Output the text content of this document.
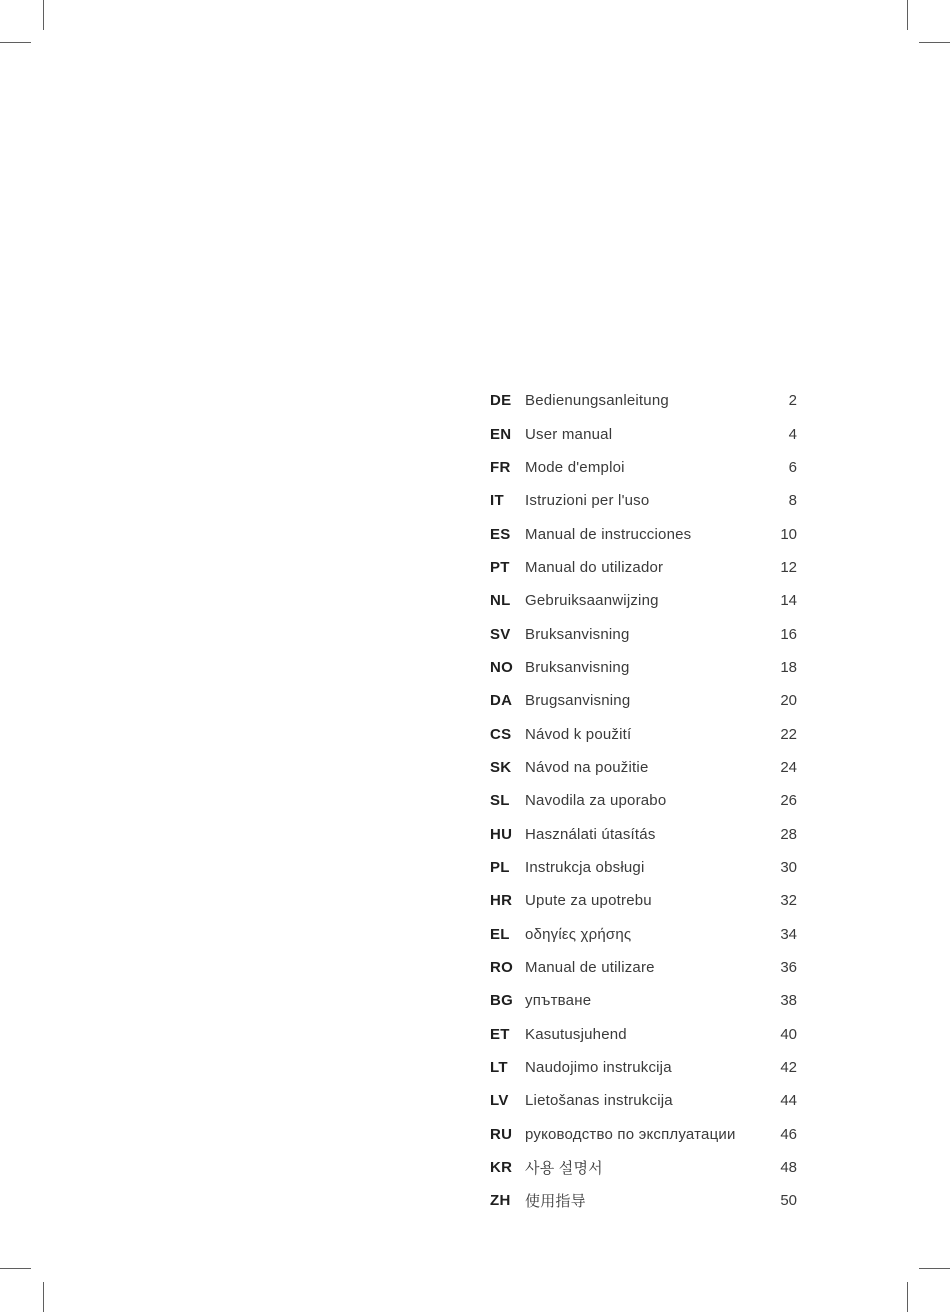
DE Bedienungsanleitung	2
EN User manual	4
FR Mode d'emploi	6
IT	Istruzioni per l'uso	8
ES Manual de instrucciones	10
PT	Manual do utilizador	12
NL Gebruiksaanwijzing	14
SV Bruksanvisning	16
NO Bruksanvisning	18
DA Brugsanvisning	20
CS Návod k použití	22
SK Návod na použitie	24
SL	Navodila za uporabo	26
HU Használati útasítás	28
PL	Instrukcja obsługi	30
HR Upute za upotrebu	32
EL	οδηγίες χρήσης	34
RO Manual de utilizare	36
BG упътване	38
ET	Kasutusjuhend	40
LT	Naudojimo instrukcija	42
LV	Lietošanas instrukcija	44
RU руководство по эксплуатации	46
KR 사용 설명서	48
ZH 使用指导	50
